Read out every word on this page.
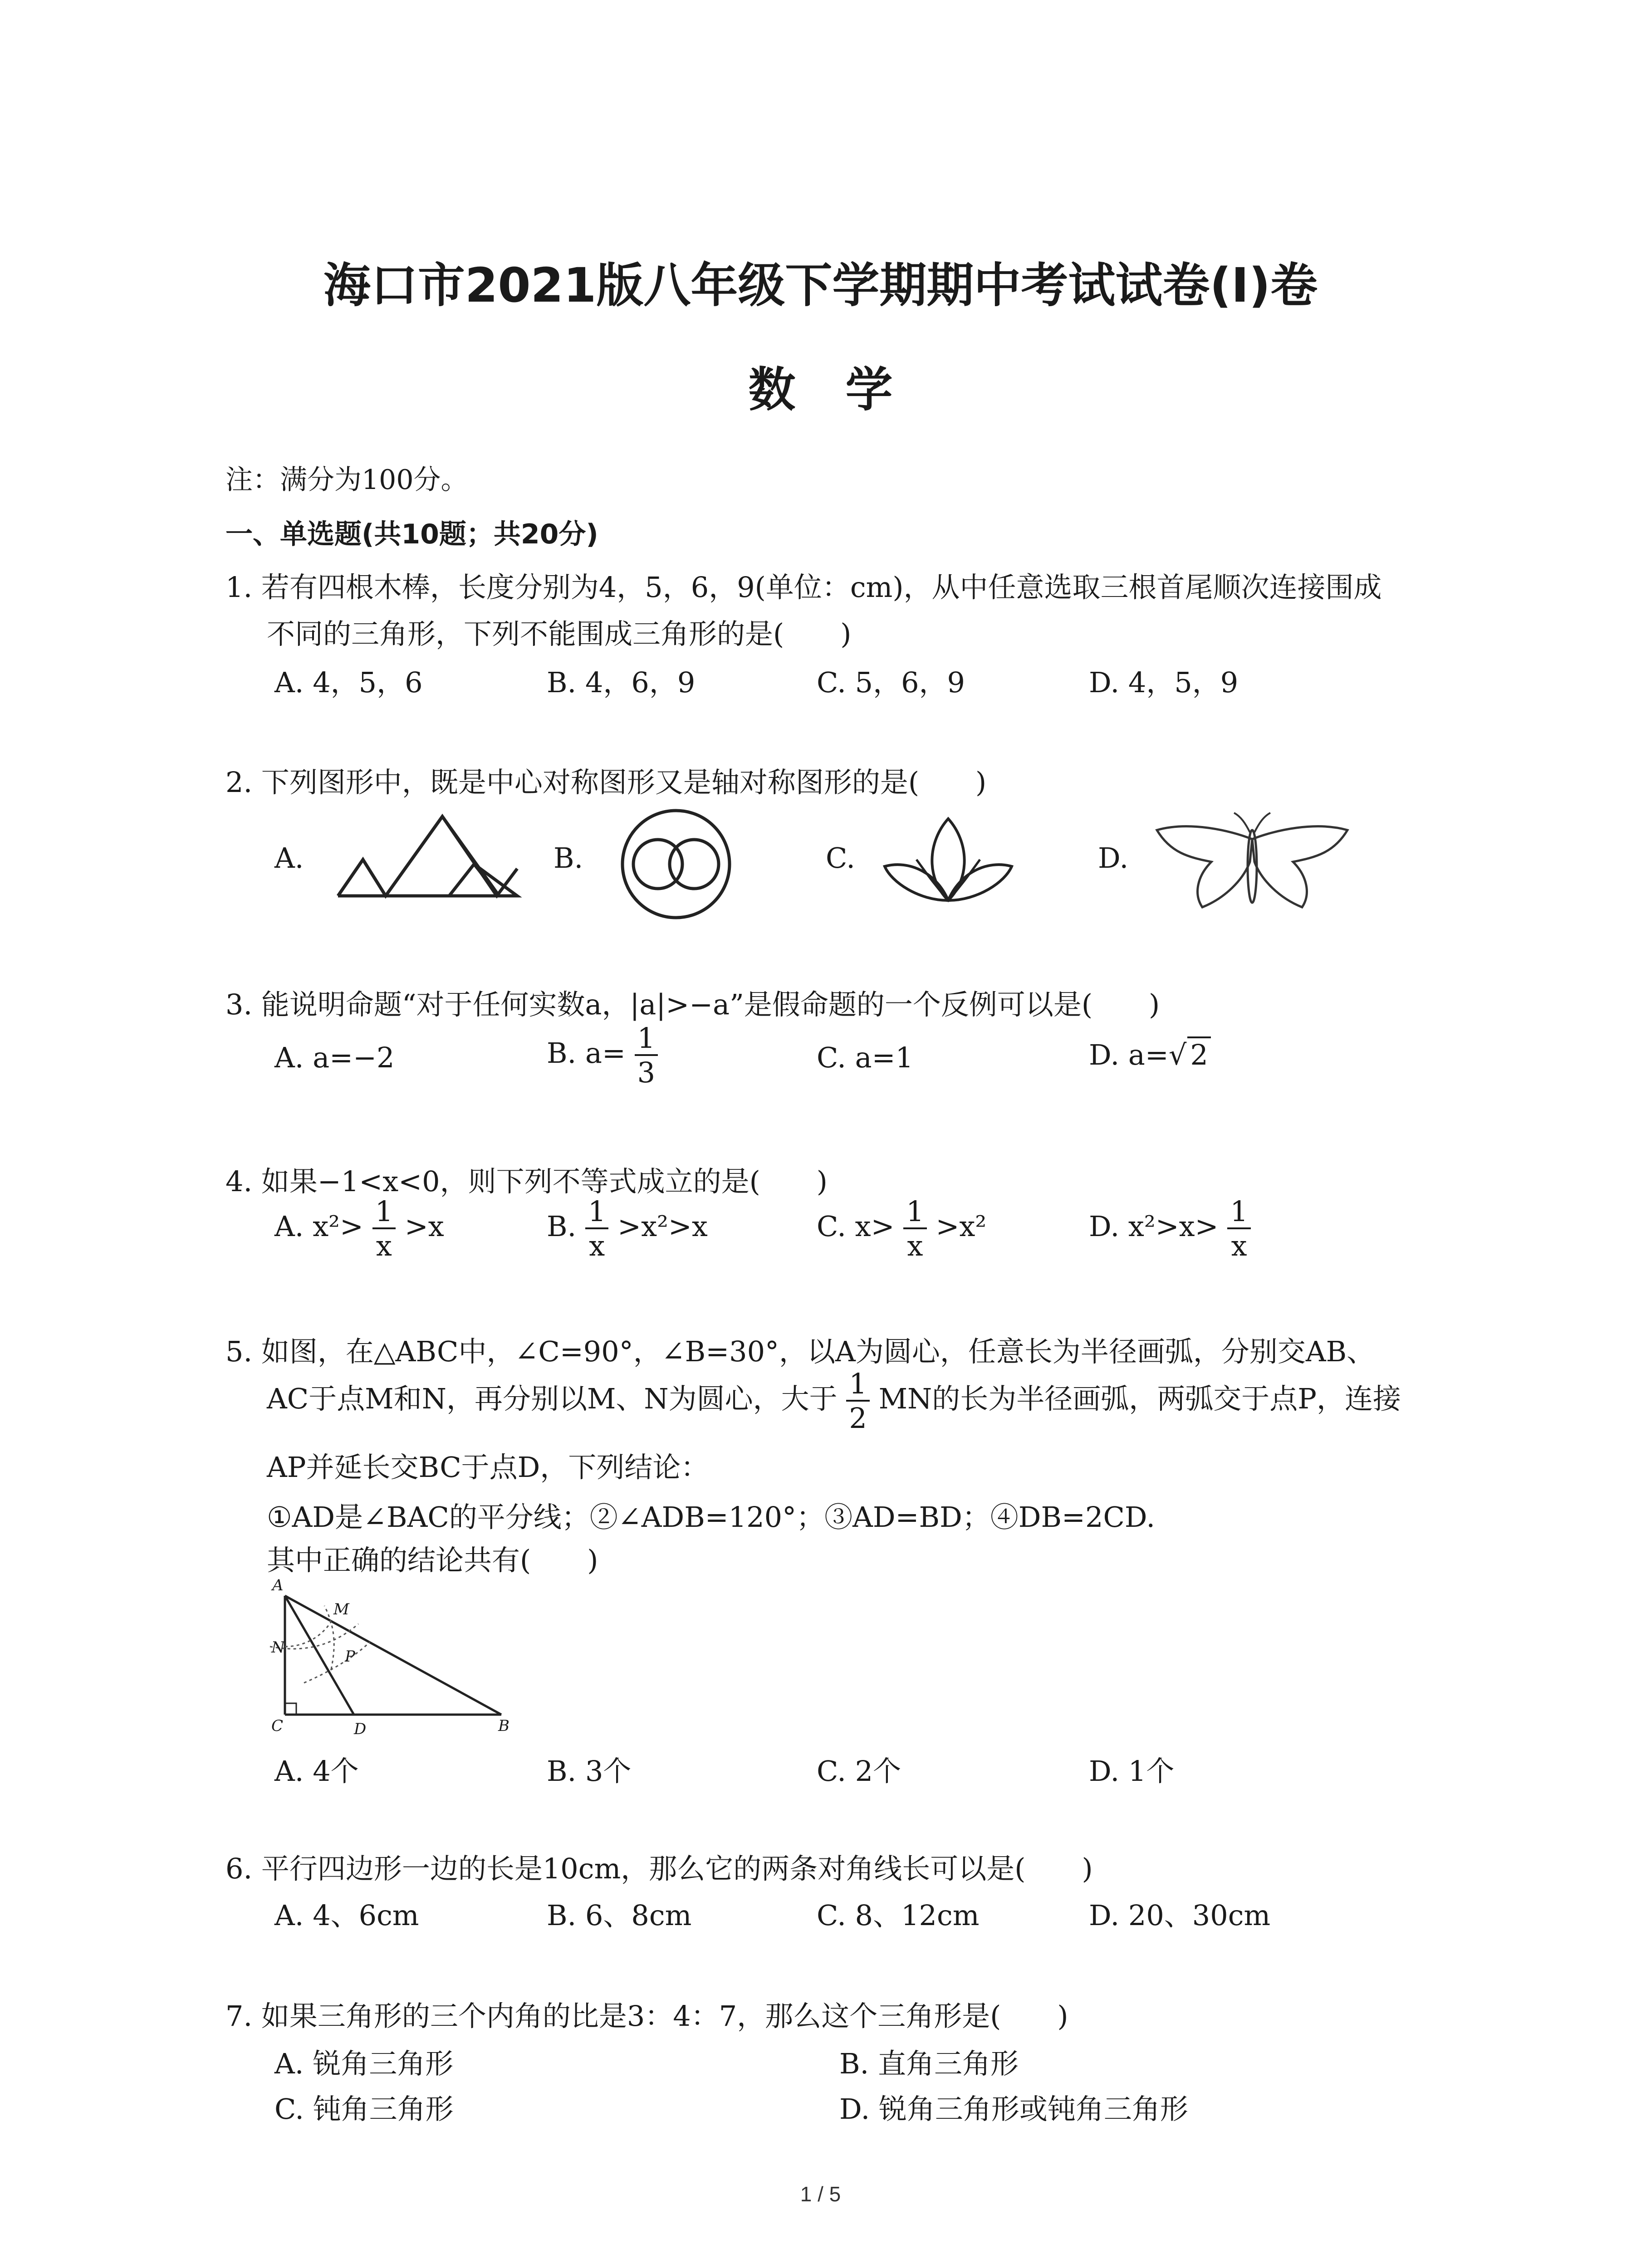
海口市2021版八年级下学期期中考试试卷(I)卷
数学
注：满分为100分。
一、单选题(共10题；共20分)
1. 若有四根木棒，长度分别为4，5，6，9(单位：cm)，从中任意选取三根首尾顺次连接围成
不同的三角形，下列不能围成三角形的是(　　)
A. 4，5，6	B. 4，6，9	C. 5，6，9	D. 4，5，9
2. 下列图形中，既是中心对称图形又是轴对称图形的是(　　)
A.	B.	C.	D.
3. 能说明命题“对于任何实数a，|a|>−a”是假命题的一个反例可以是(　　)
A. a=−2	B. $a= \frac{1}{3}$	C. a=1	D. a=√ 2
4. 如果−1<x<0，则下列不等式成立的是(　　)
A. $x^2> \frac{1}{x} >x$	B. $\frac{1}{x} >x^2>x$	C. $x> \frac{1}{x} >x^2$	D. $x^2>x> \frac{1}{x}$
5. 如图，在△ABC中，∠C=90°，∠B=30°，以A为圆心，任意长为半径画弧，分别交AB、
AC于点M和N，再分别以M、N为圆心，大于 $\frac{1}{2}$ MN的长为半径画弧，两弧交于点P，连接
AP并延长交BC于点D，下列结论：
①AD是∠BAC的平分线；②∠ADB=120°；③AD=BD；④DB=2CD.
其中正确的结论共有(　　)
A
M
N	P
C	D	B
A. 4个	B. 3个	C. 2个	D. 1个
6. 平行四边形一边的长是10cm，那么它的两条对角线长可以是(　　)
A. 4、6cm	B. 6、8cm	C. 8、12cm	D. 20、30cm
7. 如果三角形的三个内角的比是3：4：7，那么这个三角形是(　　)
A. 锐角三角形	B. 直角三角形
C. 钝角三角形	D. 锐角三角形或钝角三角形
1 / 5
